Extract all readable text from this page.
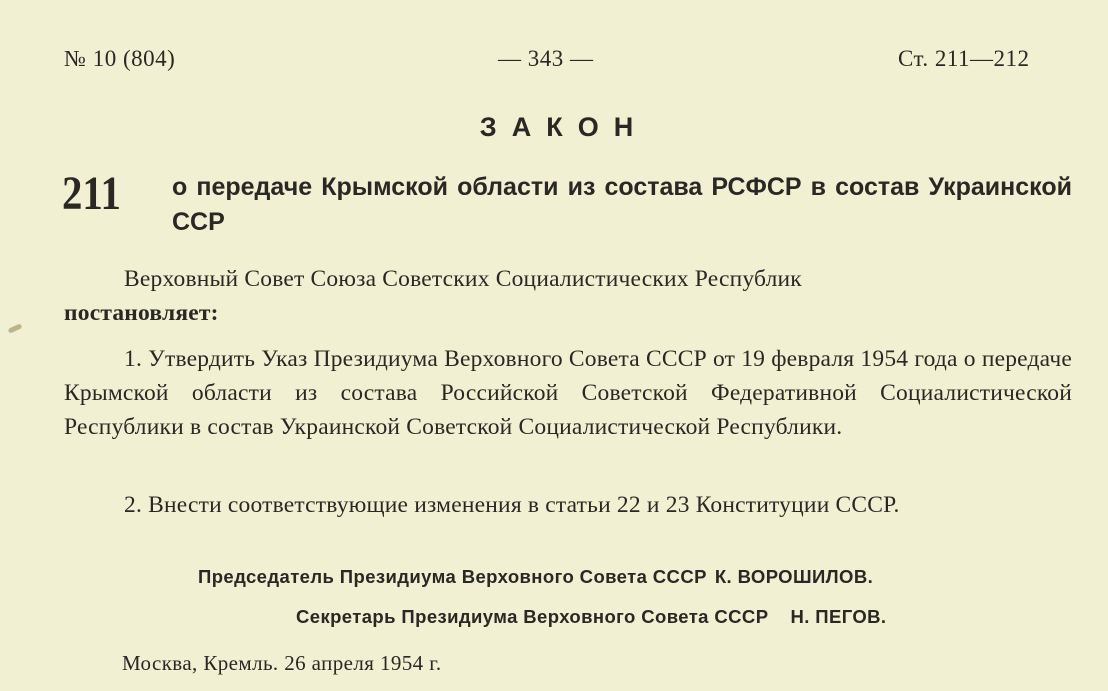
№ 10 (804)	— 343 —	Ст. 211—212
ЗАКОН
211 о передаче Крымской области из состава РСФСР в состав Украинской ССР
Верховный Совет Союза Советских Социалистических Республик
постановляет:
1. Утвердить Указ Президиума Верховного Совета СССР от 19 февраля 1954 года о передаче Крымской области из состава Российской Советской Федеративной Социалистической Республики в состав Украинской Советской Социалистической Республики.
2. Внести соответствующие изменения в статьи 22 и 23 Конституции СССР.
Председатель Президиума Верховного Совета СССР К. ВОРОШИЛОВ.
Секретарь Президиума Верховного Совета СССР Н. ПЕГОВ.
Москва, Кремль. 26 апреля 1954 г.
